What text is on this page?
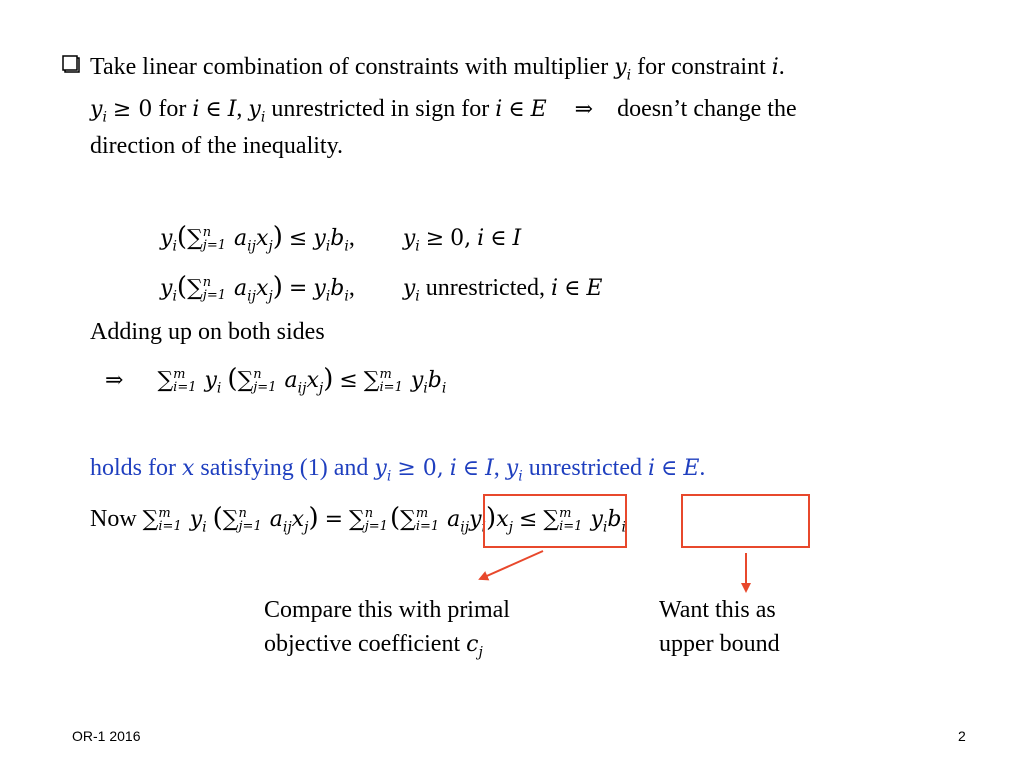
Take linear combination of constraints with multiplier $y_i$ for constraint i.
$y_i \ge 0$ for i ∈ I, $y_i$ unrestricted in sign for i ∈ E ⇒ doesn’t change the
direction of the inequality.
$y_i(\sum$ n
j=1 $a_{ij}x_j) \le y_ib_i$,  $y_i \ge 0$, i ∈ I
$y_i(\sum$ n
j=1 $a_{ij}x_j) = y_ib_i$,  $y_i$ unrestricted, i ∈ E
Adding up on both sides
⇒ ∑ m
i=1 $y_i$ (∑ n
j=1 $a_{ij}x_j$) ≤ ∑ m
i=1 $y_ib_i$
holds for x satisfying (1) and $y_i \ge 0$, i ∈ I, $y_i$ unrestricted i ∈ E.
Now ∑ m
i=1 $y_i$ (∑ n
j=1 $a_{ij}x_j$) = ∑ n
j=1 (∑ m
i=1 $a_{ij}y_i)x_j$ ≤ ∑ m
i=1 $y_ib_i$
Compare this with primal
objective coefficient $c_j$
Want this as
upper bound
OR-1 2016	2
